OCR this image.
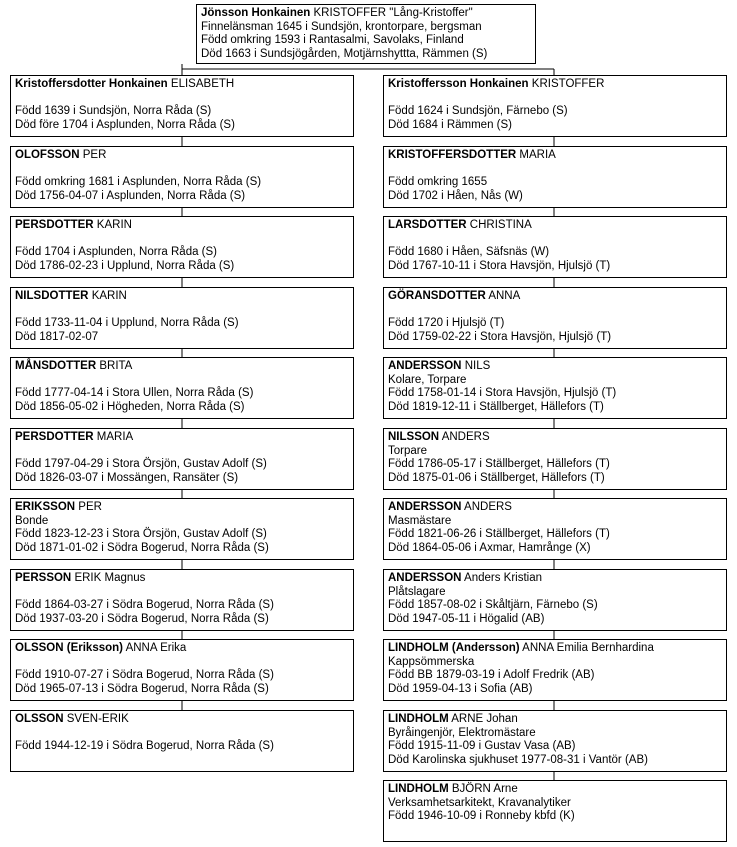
Jönsson Honkainen KRISTOFFER "Lång-Kristoffer"
Finnelänsman 1645 i Sundsjön, krontorpare, bergsman
Född omkring 1593 i Rantasalmi, Savolaks, Finland
Död 1663 i Sundsjögården, Motjärnshyttta, Rämmen (S)
Kristoffersdotter Honkainen ELISABETH
Född 1639 i Sundsjön, Norra Råda (S)
Död före 1704 i Asplunden, Norra Råda (S)
OLOFSSON PER
Född omkring 1681 i Asplunden, Norra Råda (S)
Död 1756-04-07 i Asplunden, Norra Råda (S)
PERSDOTTER KARIN
Född 1704 i Asplunden, Norra Råda (S)
Död 1786-02-23 i Upplund, Norra Råda (S)
NILSDOTTER KARIN
Född 1733-11-04 i Upplund, Norra Råda (S)
Död 1817-02-07
MÅNSDOTTER BRITA
Född 1777-04-14 i Stora Ullen, Norra Råda (S)
Död 1856-05-02 i Högheden, Norra Råda (S)
PERSDOTTER MARIA
Född 1797-04-29 i Stora Örsjön, Gustav Adolf (S)
Död 1826-03-07 i Mossängen, Ransäter (S)
ERIKSSON PER
Bonde
Född 1823-12-23 i Stora Örsjön, Gustav Adolf (S)
Död 1871-01-02 i Södra Bogerud, Norra Råda (S)
PERSSON ERIK Magnus
Född 1864-03-27 i Södra Bogerud, Norra Råda (S)
Död 1937-03-20 i Södra Bogerud, Norra Råda (S)
OLSSON (Eriksson) ANNA Erika
Född 1910-07-27 i Södra Bogerud, Norra Råda (S)
Död 1965-07-13 i Södra Bogerud, Norra Råda (S)
OLSSON SVEN-ERIK
Född 1944-12-19 i Södra Bogerud, Norra Råda (S)
Kristoffersson Honkainen KRISTOFFER
Född 1624 i Sundsjön, Färnebo (S)
Död 1684 i Rämmen (S)
KRISTOFFERSDOTTER MARIA
Född omkring 1655
Död 1702 i Håen, Nås (W)
LARSDOTTER CHRISTINA
Född 1680 i Håen, Säfsnäs (W)
Död 1767-10-11 i Stora Havsjön, Hjulsjö (T)
GÖRANSDOTTER ANNA
Född 1720 i Hjulsjö (T)
Död 1759-02-22 i Stora Havsjön, Hjulsjö (T)
ANDERSSON NILS
Kolare, Torpare
Född 1758-01-14 i Stora Havsjön, Hjulsjö (T)
Död 1819-12-11 i Ställberget, Hällefors (T)
NILSSON ANDERS
Torpare
Född 1786-05-17 i Ställberget, Hällefors (T)
Död 1875-01-06 i Ställberget, Hällefors (T)
ANDERSSON ANDERS
Masmästare
Född 1821-06-26 i Ställberget, Hällefors (T)
Död 1864-05-06 i Axmar, Hamrånge (X)
ANDERSSON Anders Kristian
Plåtslagare
Född 1857-08-02 i Skåltjärn, Färnebo (S)
Död 1947-05-11 i Högalid (AB)
LINDHOLM (Andersson) ANNA Emilia Bernhardina
Kappsömmerska
Född BB 1879-03-19 i Adolf Fredrik (AB)
Död 1959-04-13 i Sofia (AB)
LINDHOLM ARNE Johan
Byråingenjör, Elektromästare
Född 1915-11-09 i Gustav Vasa (AB)
Död Karolinska sjukhuset 1977-08-31 i Vantör (AB)
LINDHOLM BJÖRN Arne
Verksamhetsarkitekt, Kravanalytiker
Född 1946-10-09 i Ronneby kbfd (K)
